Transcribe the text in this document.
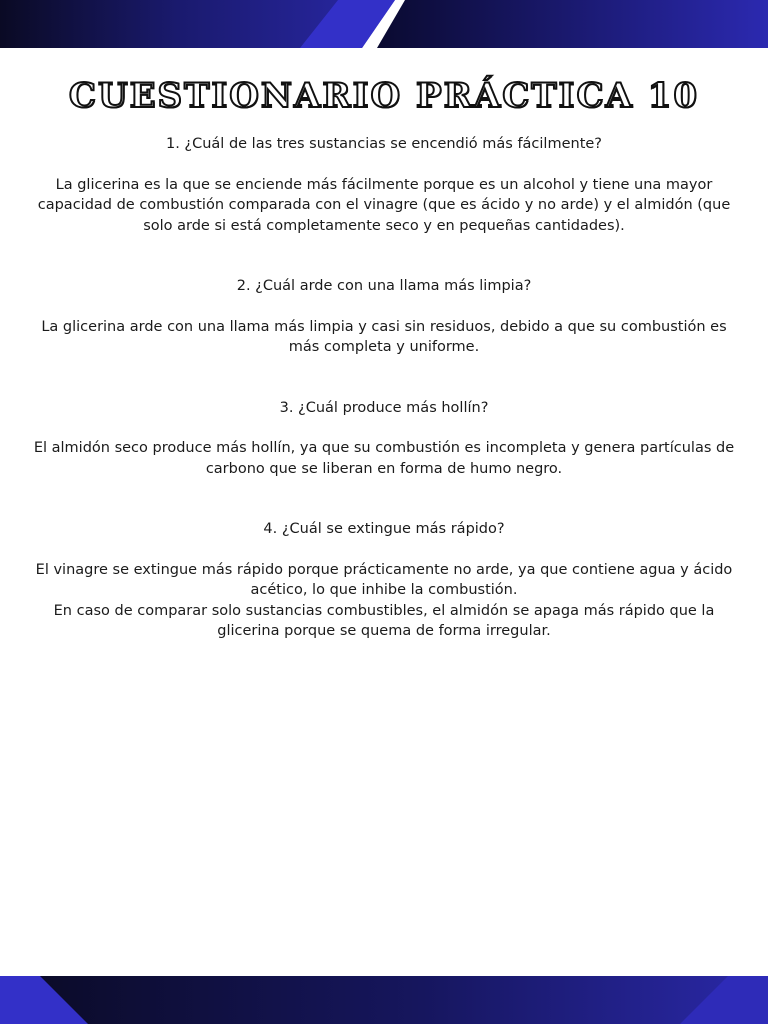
CUESTIONARIO PRÁCTICA 10

1. ¿Cuál de las tres sustancias se encendió más fácilmente?

La glicerina es la que se enciende más fácilmente porque es un alcohol y tiene una mayor capacidad de combustión comparada con el vinagre (que es ácido y no arde) y el almidón (que solo arde si está completamente seco y en pequeñas cantidades).

2. ¿Cuál arde con una llama más limpia?

La glicerina arde con una llama más limpia y casi sin residuos, debido a que su combustión es más completa y uniforme.

3. ¿Cuál produce más hollín?

El almidón seco produce más hollín, ya que su combustión es incompleta y genera partículas de carbono que se liberan en forma de humo negro.

4. ¿Cuál se extingue más rápido?

El vinagre se extingue más rápido porque prácticamente no arde, ya que contiene agua y ácido acético, lo que inhibe la combustión.

En caso de comparar solo sustancias combustibles, el almidón se apaga más rápido que la glicerina porque se quema de forma irregular.
